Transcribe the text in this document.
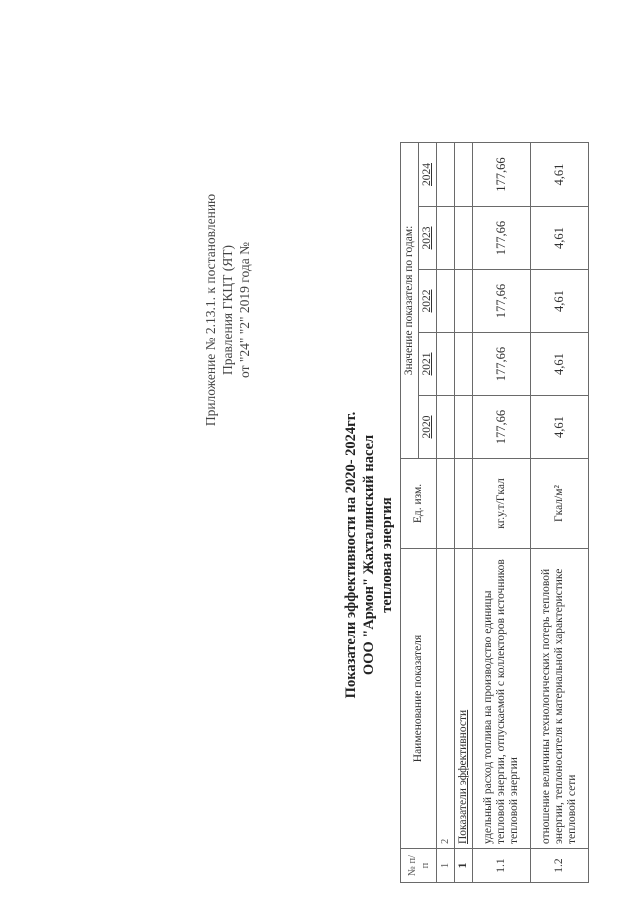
Приложение № 2.13.1. к постановлению Правления ГКЦТ (ЯТ) от "24" "2" 2019 года №
Показатели эффективности на 2020- 2024гг. ООО "Армон" Жахталинский насел тепловая энергия
№ п/п	Наименование показателя	Ед. изм.	Значение показателя по годам:				
			2020	2021	2022	2023	2024
1	2						
1	Показатели эффективности						
1.1	удельный расход топлива на производство единицы тепловой энергии, отпускаемой с коллекторов источников тепловой энергии	кг.у.т/Гкал	177,66	177,66	177,66	177,66	177,66
1.2	отношение величины технологических потерь тепловой энергии, теплоносителя к материальной характеристике тепловой сети	Гкал/м²	4,61	4,61	4,61	4,61	4,61
